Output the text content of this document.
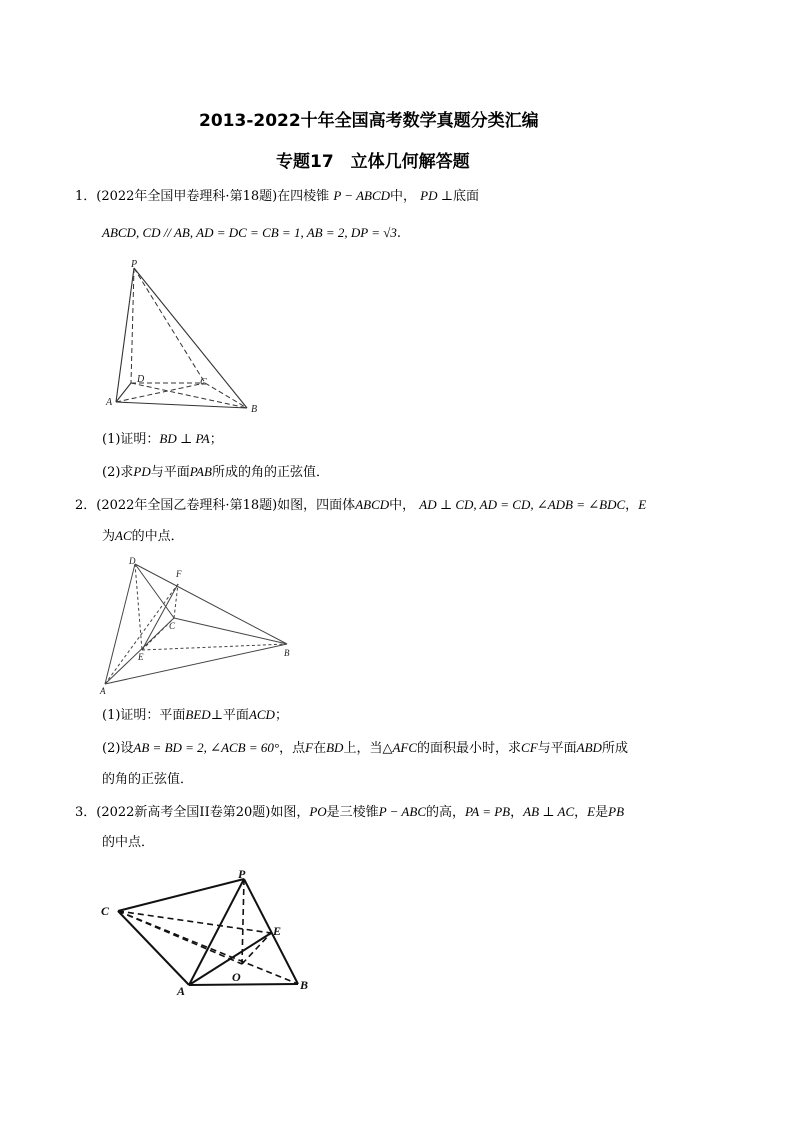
2013-2022十年全国高考数学真题分类汇编
专题17　立体几何解答题
1．(2022年全国甲卷理科·第18题)在四棱锥 P − ABCD中， PD ⊥底面
ABCD, CD // AB, AD = DC = CB = 1, AB = 2, DP = √3.
P
D	C
A
B
(1)证明：BD ⊥ PA；
(2)求PD与平面PAB所成的角的正弦值．
2．(2022年全国乙卷理科·第18题)如图，四面体ABCD中， AD ⊥ CD, AD = CD, ∠ADB = ∠BDC，E
为AC的中点．
D
F
C
E	B
A
(1)证明：平面BED⊥平面ACD；
(2)设AB = BD = 2, ∠ACB = 60°，点F在BD上，当△AFC的面积最小时，求CF与平面ABD所成
的角的正弦值．
3．(2022新高考全国II卷第20题)如图，PO是三棱锥P − ABC的高，PA = PB，AB ⊥ AC，E是PB
的中点．
P
C
E
O
A	B
